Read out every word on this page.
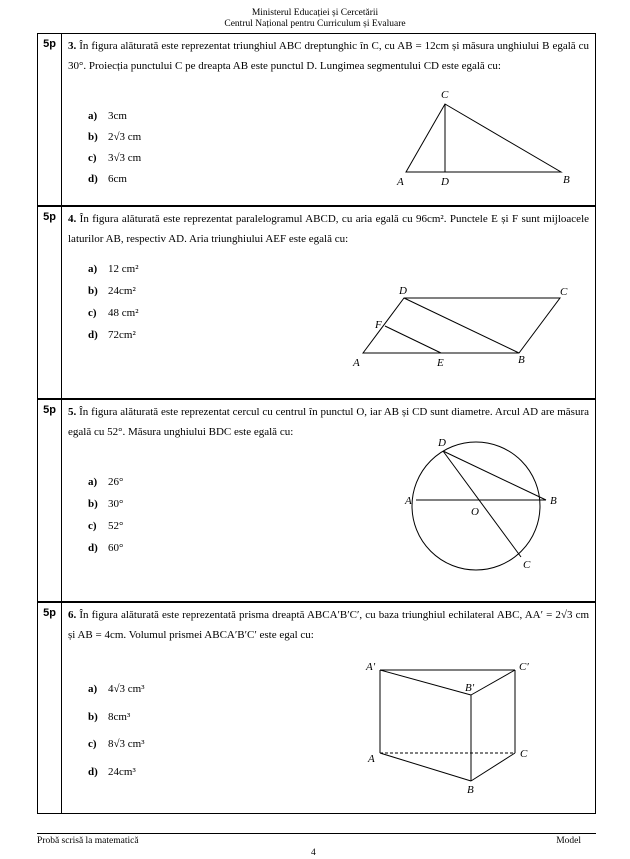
Ministerul Educației și Cercetării
Centrul Național pentru Curriculum și Evaluare
5p	3. În figura alăturată este reprezentat triunghiul ABC dreptunghic în C, cu AB = 12cm și măsura unghiului B egală cu 30°. Proiecția punctului C pe dreapta AB este punctul D. Lungimea segmentului CD este egală cu:
a) 3cm
b) 2√3 cm
c) 3√3 cm
d) 6cm
C
A	D	B
5p	4. În figura alăturată este reprezentat paralelogramul ABCD, cu aria egală cu 96cm². Punctele E și F sunt mijloacele laturilor AB, respectiv AD. Aria triunghiului AEF este egală cu:
a) 12 cm²
b) 24cm²
c) 48 cm²
d) 72cm²
D	C
F
A	E	B
5p	5. În figura alăturată este reprezentat cercul cu centrul în punctul O, iar AB și CD sunt diametre. Arcul AD are măsura egală cu 52°. Măsura unghiului BDC este egală cu:
a) 26°
b) 30°
c) 52°
d) 60°
D
A	B
O
C
5p	6. În figura alăturată este reprezentată prisma dreaptă ABCA′B′C′, cu baza triunghiul echilateral ABC, AA′ = 2√3 cm și AB = 4cm. Volumul prismei ABCA′B′C′ este egal cu:
a) 4√3 cm³
b) 8cm³
c) 8√3 cm³
d) 24cm³
A′	C′
B′
A	C
B
Probă scrisă la matematică	Model
4
